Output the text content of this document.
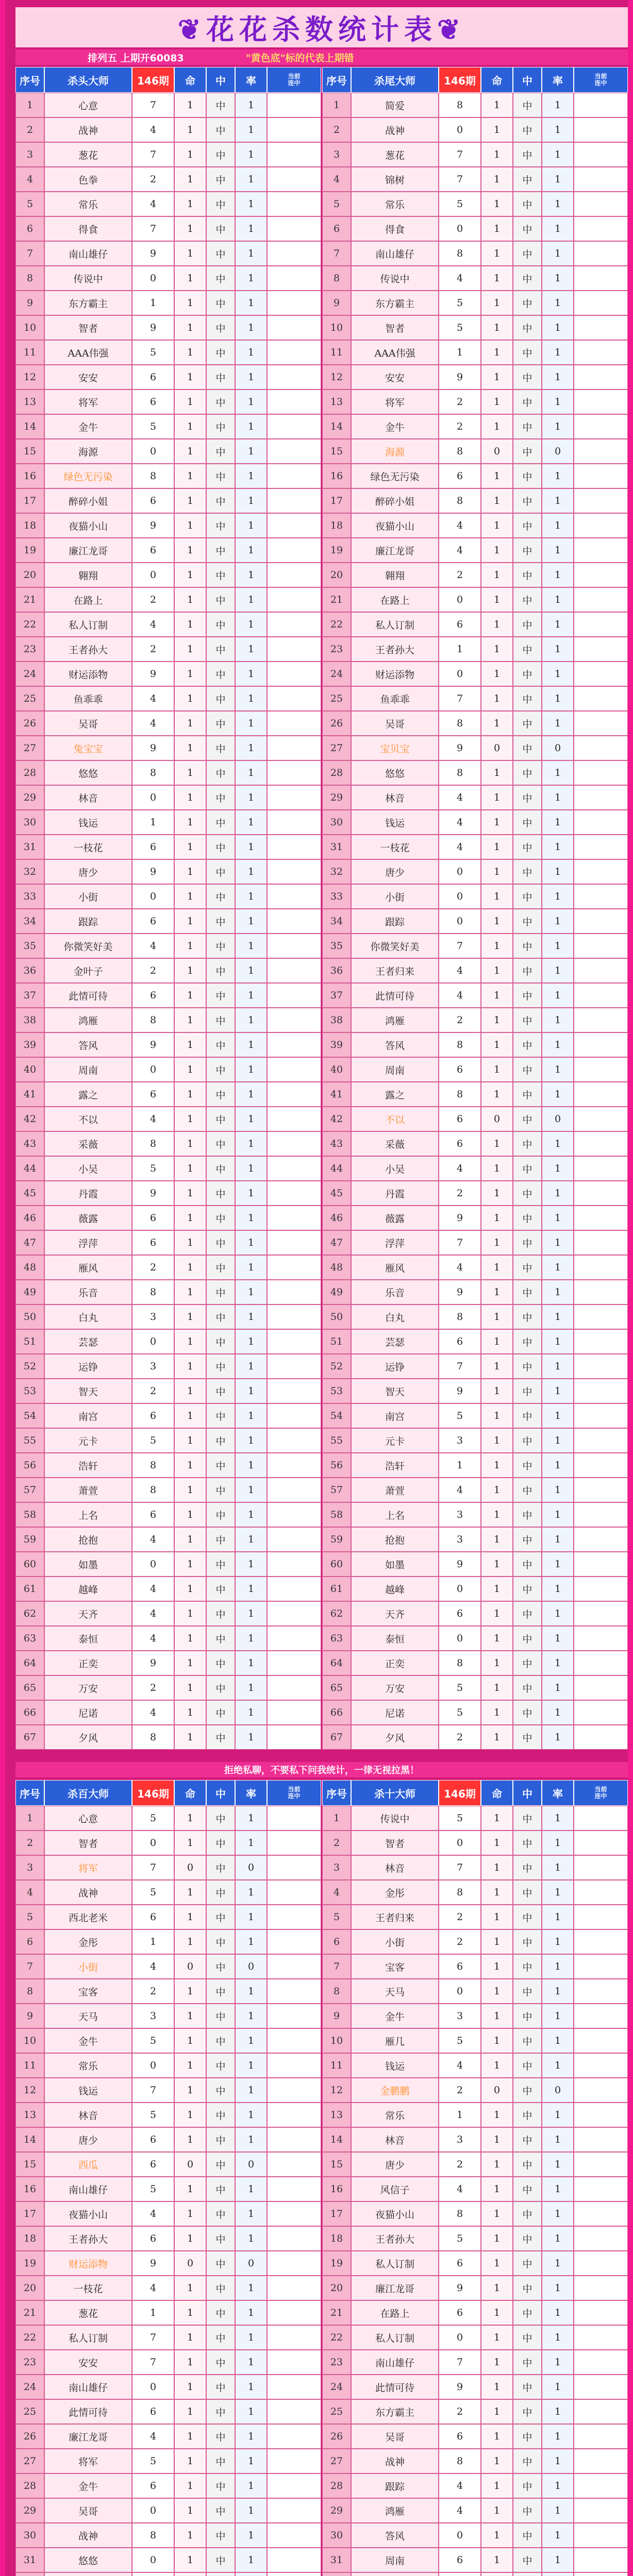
❦花花杀数统计表❦
排列五 上期开60083	"黄色底"标的代表上期错
序号	杀头大师	146期	命	中	率	当前
连中
1	心意	7	1	中	1
2	战神	4	1	中	1
3	葱花	7	1	中	1
4	色拳	2	1	中	1
5	常乐	4	1	中	1
6	得食	7	1	中	1
7	南山雄仔	9	1	中	1
8	传说中	0	1	中	1
9	东方霸主	1	1	中	1
10	智者	9	1	中	1
11	AAA伟强	5	1	中	1
12	安安	6	1	中	1
13	将军	6	1	中	1
14	金牛	5	1	中	1
15	海源	0	1	中	1
16	绿色无污染	8	1	中	1
17	醉碎小姐	6	1	中	1
18	夜猫小山	9	1	中	1
19	廉江龙哥	6	1	中	1
20	翱翔	0	1	中	1
21	在路上	2	1	中	1
22	私人订制	4	1	中	1
23	王者孙大	2	1	中	1
24	财运添物	9	1	中	1
25	鱼乖乖	4	1	中	1
26	吴哥	4	1	中	1
27	兔宝宝	9	1	中	1
28	悠悠	8	1	中	1
29	林音	0	1	中	1
30	钱运	1	1	中	1
31	一枝花	6	1	中	1
32	唐少	9	1	中	1
33	小街	0	1	中	1
34	跟踪	6	1	中	1
35	你微笑好美	4	1	中	1
36	金叶子	2	1	中	1
37	此情可待	6	1	中	1
38	鸿雁	8	1	中	1
39	答风	9	1	中	1
40	周南	0	1	中	1
41	露之	6	1	中	1
42	不以	4	1	中	1
43	采薇	8	1	中	1
44	小吴	5	1	中	1
45	丹霞	9	1	中	1
46	薇露	6	1	中	1
47	浮萍	6	1	中	1
48	雁风	2	1	中	1
49	乐音	8	1	中	1
50	白丸	3	1	中	1
51	芸瑟	0	1	中	1
52	运铮	3	1	中	1
53	智天	2	1	中	1
54	南宫	6	1	中	1
55	元卡	5	1	中	1
56	浩轩	8	1	中	1
57	萧萱	8	1	中	1
58	上名	6	1	中	1
59	抢抱	4	1	中	1
60	如墨	0	1	中	1
61	越峰	4	1	中	1
62	天齐	4	1	中	1
63	泰恒	4	1	中	1
64	正奕	9	1	中	1
65	万安	2	1	中	1
66	尼诺	4	1	中	1
67	夕风	8	1	中	1
序号	杀尾大师	146期	命	中	率	当前
连中
1	简爱	8	1	中	1
2	战神	0	1	中	1
3	葱花	7	1	中	1
4	锦树	7	1	中	1
5	常乐	5	1	中	1
6	得食	0	1	中	1
7	南山雄仔	8	1	中	1
8	传说中	4	1	中	1
9	东方霸主	5	1	中	1
10	智者	5	1	中	1
11	AAA伟强	1	1	中	1
12	安安	9	1	中	1
13	将军	2	1	中	1
14	金牛	2	1	中	1
15	海源	8	0	中	0
16	绿色无污染	6	1	中	1
17	醉碎小姐	8	1	中	1
18	夜猫小山	4	1	中	1
19	廉江龙哥	4	1	中	1
20	翱翔	2	1	中	1
21	在路上	0	1	中	1
22	私人订制	6	1	中	1
23	王者孙大	1	1	中	1
24	财运添物	0	1	中	1
25	鱼乖乖	7	1	中	1
26	吴哥	8	1	中	1
27	宝贝宝	9	0	中	0
28	悠悠	8	1	中	1
29	林音	4	1	中	1
30	钱运	4	1	中	1
31	一枝花	4	1	中	1
32	唐少	0	1	中	1
33	小街	0	1	中	1
34	跟踪	0	1	中	1
35	你微笑好美	7	1	中	1
36	王者归来	4	1	中	1
37	此情可待	4	1	中	1
38	鸿雁	2	1	中	1
39	答风	8	1	中	1
40	周南	6	1	中	1
41	露之	8	1	中	1
42	不以	6	0	中	0
43	采薇	6	1	中	1
44	小吴	4	1	中	1
45	丹霞	2	1	中	1
46	薇露	9	1	中	1
47	浮萍	7	1	中	1
48	雁风	4	1	中	1
49	乐音	9	1	中	1
50	白丸	8	1	中	1
51	芸瑟	6	1	中	1
52	运铮	7	1	中	1
53	智天	9	1	中	1
54	南宫	5	1	中	1
55	元卡	3	1	中	1
56	浩轩	1	1	中	1
57	萧萱	4	1	中	1
58	上名	3	1	中	1
59	抢抱	3	1	中	1
60	如墨	9	1	中	1
61	越峰	0	1	中	1
62	天齐	6	1	中	1
63	泰恒	0	1	中	1
64	正奕	8	1	中	1
65	万安	5	1	中	1
66	尼诺	5	1	中	1
67	夕风	2	1	中	1
拒绝私聊，不要私下问我统计，一律无视拉黑！
序号	杀百大师	146期	命	中	率	当前
连中
1	心意	5	1	中	1
2	智者	0	1	中	1
3	将军	7	0	中	0
4	战神	5	1	中	1
5	西北老米	6	1	中	1
6	金彤	1	1	中	1
7	小街	4	0	中	0
8	宝客	2	1	中	1
9	天马	3	1	中	1
10	金牛	5	1	中	1
11	常乐	0	1	中	1
12	钱运	7	1	中	1
13	林音	5	1	中	1
14	唐少	6	1	中	1
15	西瓜	6	0	中	0
16	南山雄仔	5	1	中	1
17	夜猫小山	4	1	中	1
18	王者孙大	6	1	中	1
19	财运添物	9	0	中	0
20	一枝花	4	1	中	1
21	葱花	1	1	中	1
22	私人订制	7	1	中	1
23	安安	7	1	中	1
24	南山雄仔	0	1	中	1
25	此情可待	6	1	中	1
26	廉江龙哥	4	1	中	1
27	将军	5	1	中	1
28	金牛	6	1	中	1
29	吴哥	0	1	中	1
30	战神	8	1	中	1
31	悠悠	0	1	中	1
序号	杀十大师	146期	命	中	率	当前
连中
1	传说中	5	1	中	1
2	智者	0	1	中	1
3	林音	7	1	中	1
4	金彤	8	1	中	1
5	王者归来	2	1	中	1
6	小街	2	1	中	1
7	宝客	6	1	中	1
8	天马	0	1	中	1
9	金牛	3	1	中	1
10	雁几	5	1	中	1
11	钱运	4	1	中	1
12	金鹏鹏	2	0	中	0
13	常乐	1	1	中	1
14	林音	3	1	中	1
15	唐少	2	1	中	1
16	风信子	4	1	中	1
17	夜猫小山	8	1	中	1
18	王者孙大	5	1	中	1
19	私人订制	6	1	中	1
20	廉江龙哥	9	1	中	1
21	在路上	6	1	中	1
22	私人订制	0	1	中	1
23	南山雄仔	7	1	中	1
24	此情可待	9	1	中	1
25	东方霸主	2	1	中	1
26	吴哥	6	1	中	1
27	战神	8	1	中	1
28	跟踪	4	1	中	1
29	鸿雁	4	1	中	1
30	答风	0	1	中	1
31	周南	6	1	中	1
